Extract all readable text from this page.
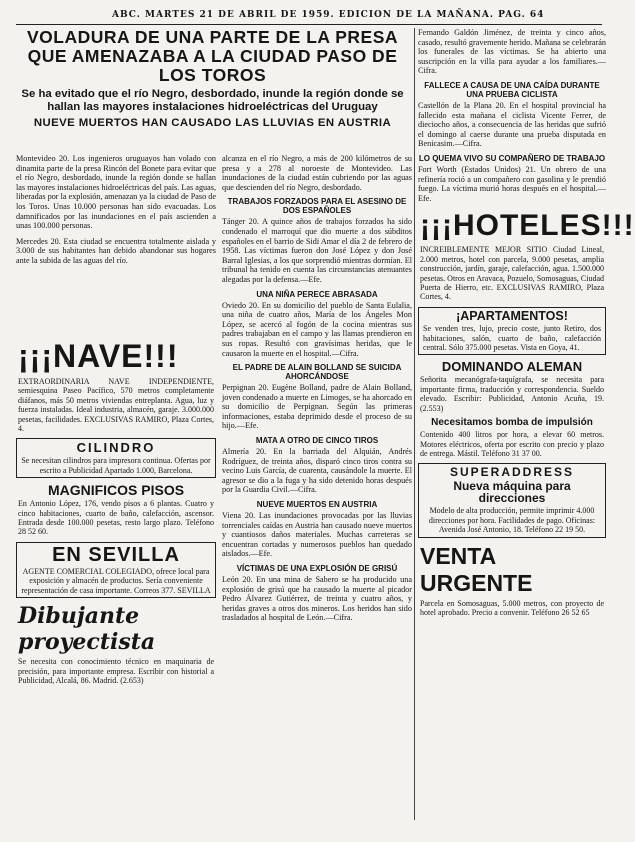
ABC. MARTES 21 DE ABRIL DE 1959. EDICION DE LA MAÑANA. PAG. 64
VOLADURA DE UNA PARTE DE LA PRESA QUE AMENAZABA A LA CIUDAD PASO DE LOS TOROS

Se ha evitado que el río Negro, desbordado, inunde la región donde se hallan las mayores instalaciones hidroeléctricas del Uruguay

NUEVE MUERTOS HAN CAUSADO LAS LLUVIAS EN AUSTRIA

Montevideo 20. Los ingenieros uruguayos han volado con dinamita parte de la presa Rincón del Bonete para evitar que el río Negro, desbordado, inunde la región donde se hallan las mayores instalaciones hidroeléctricas del país. Las aguas, liberadas por la explosión, amenazan ya la ciudad de Paso de los Toros. Unas 10.000 personas han sido evacuadas. Los damnificados por las inundaciones en el país ascienden a unas 100.000 personas.

Mercedes 20. Esta ciudad se encuentra totalmente aislada y 3.000 de sus habitantes han debido abandonar sus hogares ante la subida de las aguas del río.

¡¡¡NAVE!!!

EXTRAORDINARIA NAVE INDEPENDIENTE, semiesquina Paseo Pacífico, 570 metros completamente diáfanos, más 50 metros viviendas entreplanta. Agua, luz y fuerza instaladas. Ideal industria, almacén, garaje. 3.000.000 pesetas, facilidades. EXCLUSIVAS RAMIRO, Plaza Cortes, 4.

CILINDRO

Se necesitan cilindros para impresora continua. Ofertas por escrito a Publicidad Apartado 1.000, Barcelona.

MAGNIFICOS PISOS

En Antonio López, 176, vendo pisos a 6 plantas. Cuatro y cinco habitaciones, cuarto de baño, calefacción, ascensor. Entrada desde 100.000 pesetas, resto largo plazo. Teléfono 28 52 60.

EN SEVILLA

AGENTE COMERCIAL COLEGIADO, ofrece local para exposición y almacén de productos. Sería conveniente representación de casa importante. Correos 377. SEVILLA

Dibujante proyectista

Se necesita con conocimiento técnico en maquinaria de precisión, para importante empresa. Escribir con historial a Publicidad, Alcalá, 86. Madrid. (2.653)

alcanza en el río Negro, a más de 200 kilómetros de su presa y a 278 al noroeste de Montevideo. Las inundaciones de la ciudad están cubriendo por las aguas que descienden del río Negro, desbordado.

TRABAJOS FORZADOS PARA EL ASESINO DE DOS ESPAÑOLES

Tánger 20. A quince años de trabajos forzados ha sido condenado el marroquí que dio muerte a dos súbditos españoles en el barrio de Sidi Amar el día 2 de febrero de 1958. Las víctimas fueron don José López y don José Barral Iglesias, a los que sorprendió mientras dormían. El tribunal ha tenido en cuenta las circunstancias atenuantes alegadas por la defensa.—Efe.

UNA NIÑA PERECE ABRASADA

Oviedo 20. En su domicilio del pueblo de Santa Eulalia, una niña de cuatro años, María de los Ángeles Mon López, se acercó al fogón de la cocina mientras sus padres trabajaban en el campo y las llamas prendieron en sus ropas. Resultó con gravísimas heridas, que le causaron la muerte en el hospital.—Cifra.

EL PADRE DE ALAIN BOLLAND SE SUICIDA AHORCÁNDOSE

Perpignan 20. Eugène Bolland, padre de Alain Bolland, joven condenado a muerte en Limoges, se ha ahorcado en su domicilio de Perpignan. Según las primeras informaciones, estaba deprimido desde el proceso de su hijo.—Efe.

MATA A OTRO DE CINCO TIROS

Almería 20. En la barriada del Alquián, Andrés Rodríguez, de treinta años, disparó cinco tiros contra su vecino Luis García, de cuarenta, causándole la muerte. El agresor se dio a la fuga y ha sido detenido horas después por la Guardia Civil.—Cifra.

NUEVE MUERTOS EN AUSTRIA

Viena 20. Las inundaciones provocadas por las lluvias torrenciales caídas en Austria han causado nueve muertos y cuantiosos daños materiales. Muchas carreteras se encuentran cortadas y numerosos pueblos han quedado aislados.—Efe.

VÍCTIMAS DE UNA EXPLOSIÓN DE GRISÚ

León 20. En una mina de Sabero se ha producido una explosión de grisú que ha causado la muerte al picador Pedro Álvarez Gutiérrez, de treinta y cuatro años, y heridas graves a otros dos mineros. Los heridos han sido trasladados al hospital de León.—Cifra.

Fernando Galdón Jiménez, de treinta y cinco años, casado, resultó gravemente herido. Mañana se celebrarán los funerales de las víctimas. Se ha abierto una suscripción en la villa para ayudar a los familiares.—Cifra.

FALLECE A CAUSA DE UNA CAÍDA DURANTE UNA PRUEBA CICLISTA

Castellón de la Plana 20. En el hospital provincial ha fallecido esta mañana el ciclista Vicente Ferrer, de dieciocho años, a consecuencia de las heridas que sufrió el domingo al caerse durante una prueba disputada en Benicasim.—Cifra.

LO QUEMA VIVO SU COMPAÑERO DE TRABAJO

Fort Worth (Estados Unidos) 21. Un obrero de una refinería roció a un compañero con gasolina y le prendió fuego. La víctima murió horas después en el hospital.—Efe.

¡¡¡HOTELES!!!

INCREIBLEMENTE MEJOR SITIO Ciudad Lineal, 2.000 metros, hotel con parcela, 9.000 pesetas, amplia construcción, jardín, garaje, calefacción, agua. 1.500.000 pesetas. Otros en Aravaca, Pozuelo, Somosaguas, Ciudad Puerta de Hierro, etc. EXCLUSIVAS RAMIRO, Plaza Cortes, 4.

¡APARTAMENTOS!

Se venden tres, lujo, precio coste, junto Retiro, dos habitaciones, salón, cuarto de baño, calefacción central. Sólo 375.000 pesetas. Vista en Goya, 41.

DOMINANDO ALEMAN

Señorita mecanógrafa-taquígrafa, se necesita para importante firma, traducción y correspondencia. Sueldo elevado. Escribir: Publicidad, Antonio Acuña, 19. (2.553)

Necesitamos bomba de impulsión

Contenido 400 litros por hora, a elevar 60 metros. Motores eléctricos, oferta por escrito con precio y plazo de entrega. Mástil. Teléfono 31 37 00.

SUPERADDRESS

Nueva máquina para direcciones

Modelo de alta producción, permite imprimir 4.000 direcciones por hora. Facilidades de pago. Oficinas: Avenida José Antonio, 18. Teléfono 22 19 50.

VENTA URGENTE

Parcela en Somosaguas, 5.000 metros, con proyecto de hotel aprobado. Precio a convenir. Teléfono 26 52 65
